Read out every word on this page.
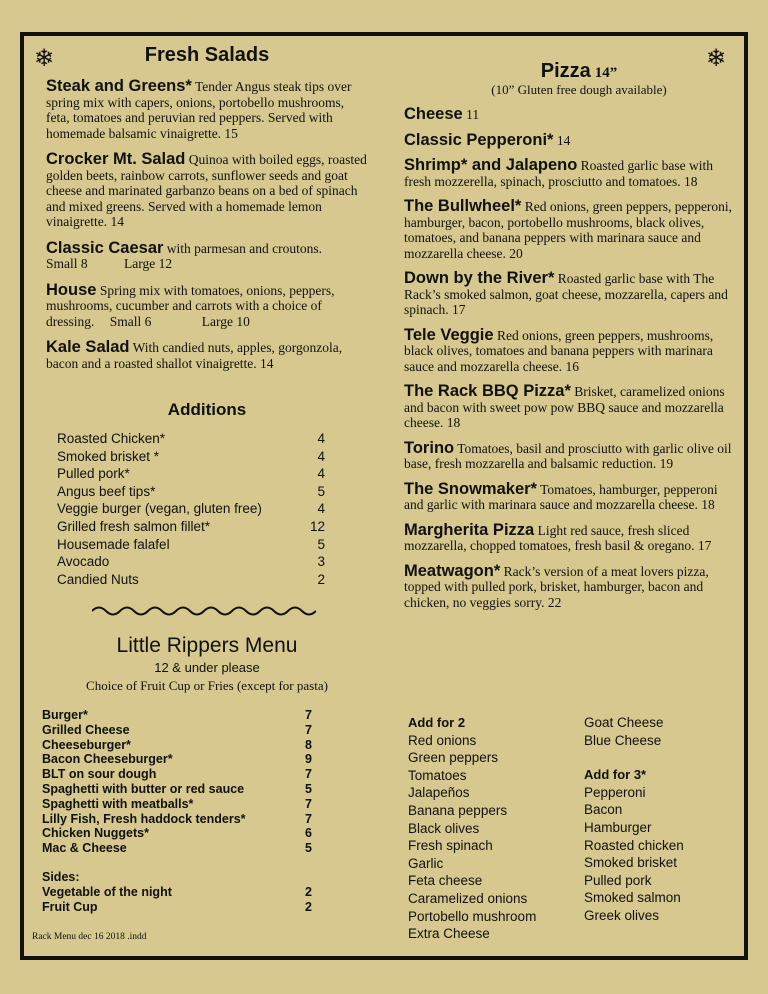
❄	❄
Fresh Salads
Steak and Greens* Tender Angus steak tips over spring mix with capers, onions, portobello mushrooms, feta, tomatoes and peruvian red peppers. Served with homemade balsamic vinaigrette. 15
Crocker Mt. Salad Quinoa with boiled eggs, roasted golden beets, rainbow carrots, sunflower seeds and goat cheese and marinated garbanzo beans on a bed of spinach and mixed greens. Served with a homemade lemon vinaigrette. 14
Classic Caesar with parmesan and croutons.
Small 8	Large 12
House Spring mix with tomatoes, onions, peppers, mushrooms, cucumber and carrots with a choice of dressing. Small 6	Large 10
Kale Salad With candied nuts, apples, gorgonzola, bacon and a roasted shallot vinaigrette. 14
Additions
Roasted Chicken*	4
Smoked brisket *	4
Pulled pork*	4
Angus beef tips*	5
Veggie burger (vegan, gluten free)	4
Grilled fresh salmon fillet*	12
Housemade falafel	5
Avocado	3
Candied Nuts	2
Little Rippers Menu
12 & under please
Choice of Fruit Cup or Fries (except for pasta)
Burger*	7
Grilled Cheese	7
Cheeseburger*	8
Bacon Cheeseburger*	9
BLT on sour dough	7
Spaghetti with butter or red sauce	5
Spaghetti with meatballs*	7
Lilly Fish, Fresh haddock tenders*	7
Chicken Nuggets*	6
Mac & Cheese	5
Sides:
Vegetable of the night	2
Fruit Cup	2
Rack Menu dec 16 2018 .indd
Pizza 14”
(10” Gluten free dough available)
Cheese 11
Classic Pepperoni* 14
Shrimp* and Jalapeno Roasted garlic base with fresh mozzerella, spinach, prosciutto and tomatoes. 18
The Bullwheel* Red onions, green peppers, pepperoni, hamburger, bacon, portobello mushrooms, black olives, tomatoes, and banana peppers with marinara sauce and mozzarella cheese. 20
Down by the River* Roasted garlic base with The Rack’s smoked salmon, goat cheese, mozzarella, capers and spinach. 17
Tele Veggie Red onions, green peppers, mushrooms, black olives, tomatoes and banana peppers with marinara sauce and mozzarella cheese. 16
The Rack BBQ Pizza* Brisket, caramelized onions and bacon with sweet pow pow BBQ sauce and mozzarella cheese. 18
Torino Tomatoes, basil and prosciutto with garlic olive oil base, fresh mozzarella and balsamic reduction. 19
The Snowmaker* Tomatoes, hamburger, pepperoni and garlic with marinara sauce and mozzarella cheese. 18
Margherita Pizza Light red sauce, fresh sliced mozzarella, chopped tomatoes, fresh basil & oregano. 17
Meatwagon* Rack’s version of a meat lovers pizza, topped with pulled pork, brisket, hamburger, bacon and chicken, no veggies sorry. 22
Add for 2
Red onions
Green peppers
Tomatoes
Jalapeños
Banana peppers
Black olives
Fresh spinach
Garlic
Feta cheese
Caramelized onions
Portobello mushroom
Extra Cheese
Goat Cheese
Blue Cheese
Add for 3*
Pepperoni
Bacon
Hamburger
Roasted chicken
Smoked brisket
Pulled pork
Smoked salmon
Greek olives
